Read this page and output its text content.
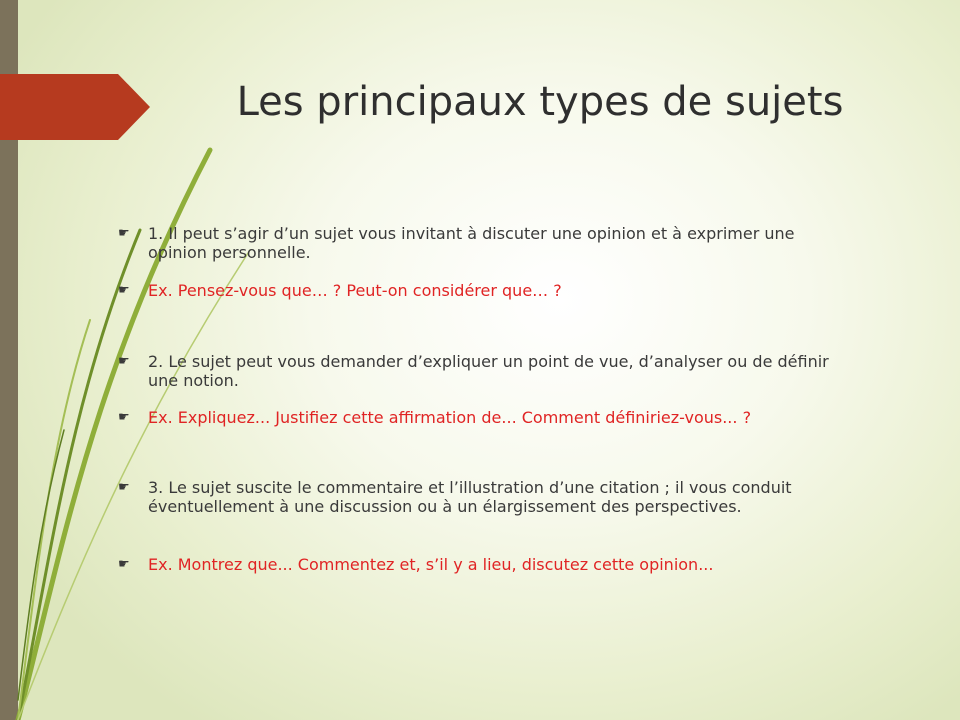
Les principaux types de sujets
☛	1. Il peut s’agir d’un sujet vous invitant à discuter une opinion et à exprimer une opinion personnelle.
☛	Ex. Pensez-vous que… ? Peut-on considérer que… ?
☛	2. Le sujet peut vous demander d’expliquer un point de vue, d’analyser ou de définir une notion.
☛	Ex. Expliquez... Justifiez cette affirmation de... Comment définiriez-vous... ?
☛	3. Le sujet suscite le commentaire et l’illustration d’une citation ; il vous conduit éventuellement à une discussion ou à un élargissement des perspectives.
☛	Ex. Montrez que... Commentez et, s’il y a lieu, discutez cette opinion...
